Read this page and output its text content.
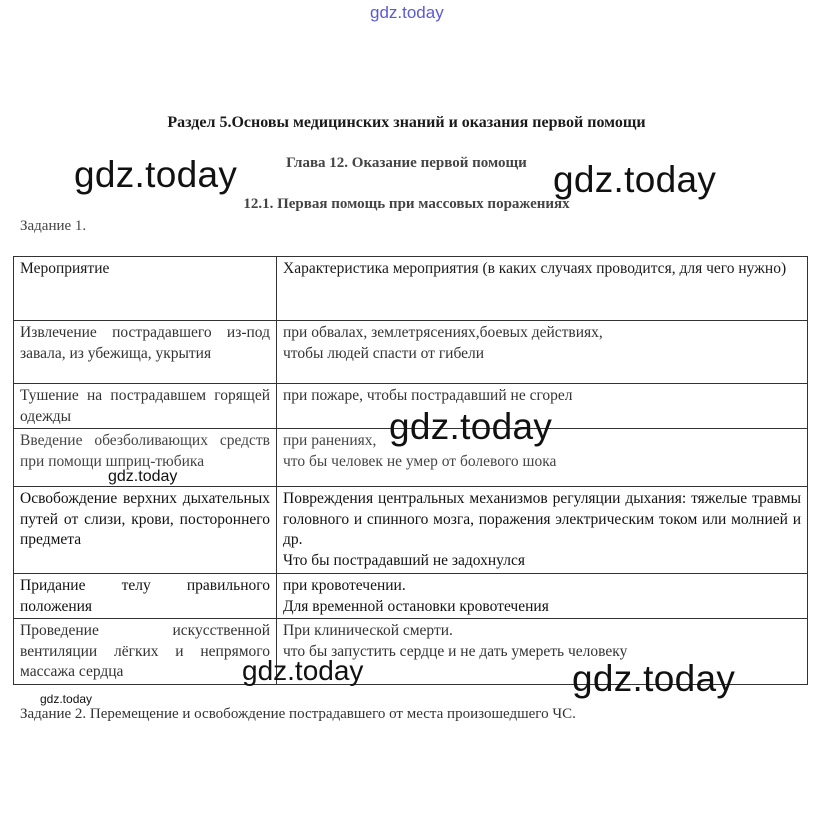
gdz.today
gdz.today	gdz.today
gdz.today
gdz.today
gdz.today	gdz.today
gdz.today
Раздел 5.Основы медицинских знаний и оказания первой помощи
Глава 12. Оказание первой помощи
12.1. Первая помощь при массовых поражениях
Задание 1.
Мероприятие	Характеристика мероприятия (в каких случаях проводится, для чего нужно)
Извлечение пострадавшего из-под завала, из убежища, укрытия	при обвалах, землетрясениях,боевых действиях,
чтобы людей спасти от гибели

Тушение на пострадавшем горящей одежды	при пожаре, чтобы пострадавший не сгорел

Введение обезболивающих средств при помощи шприц-тюбика	при ранениях,
что бы человек не умер от болевого шока

Освобождение верхних дыхательных путей от слизи, крови, постороннего предмета	Повреждения центральных механизмов регуляции дыхания: тяжелые травмы головного и спинного мозга, поражения электрическим током или молнией и др.
Что бы пострадавший не задохнулся

Придание телу правильного положения	при кровотечении.
Для временной остановки кровотечения

Проведение искусственной вентиляции лёгких и непрямого массажа сердца	При клинической смерти.
что бы запустить сердце и не дать умереть человеку
Задание 2. Перемещение и освобождение пострадавшего от места произошедшего ЧС.
